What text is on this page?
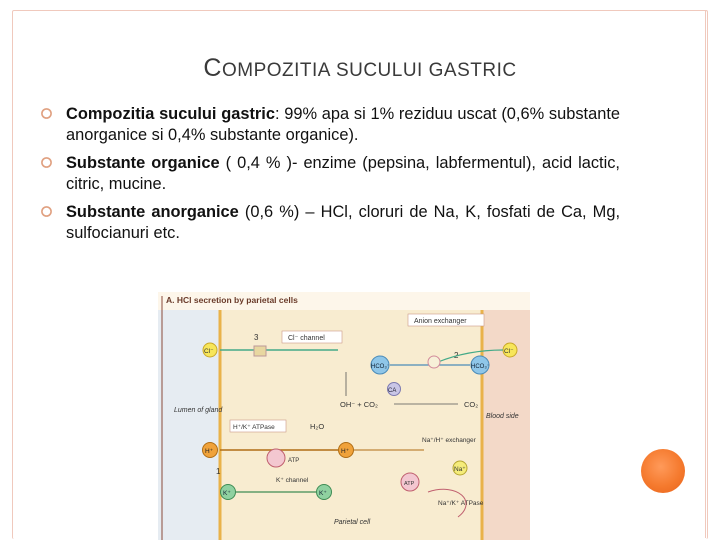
COMPOZITIA SUCULUI GASTRIC
Compozitia sucului gastric: 99% apa si 1% reziduu uscat (0,6% substante anorganice si 0,4% substante organice).
Substante organice ( 0,4 % )- enzime (pepsina, labfermentul), acid lactic, citric, mucine.
Substante anorganice (0,6 %) – HCl, cloruri de Na, K, fosfati de Ca, Mg, sulfocianuri etc.
A. HCl secretion by parietal cells
Anion exchanger
Cl⁻ channel
3
Cl⁻
HCO₃⁻
2
HCO₃⁻
Cl⁻
CA
OH⁻ + CO₂	CO₂
Lumen of gland
Blood side
H⁺/K⁺ ATPase	H₂O
H⁺	H⁺
Na⁺/H⁺ exchanger
ATP
Na⁺
1
K⁺ channel	ATP
K⁺	K⁺
Na⁺/K⁺ ATPase
Parietal cell
